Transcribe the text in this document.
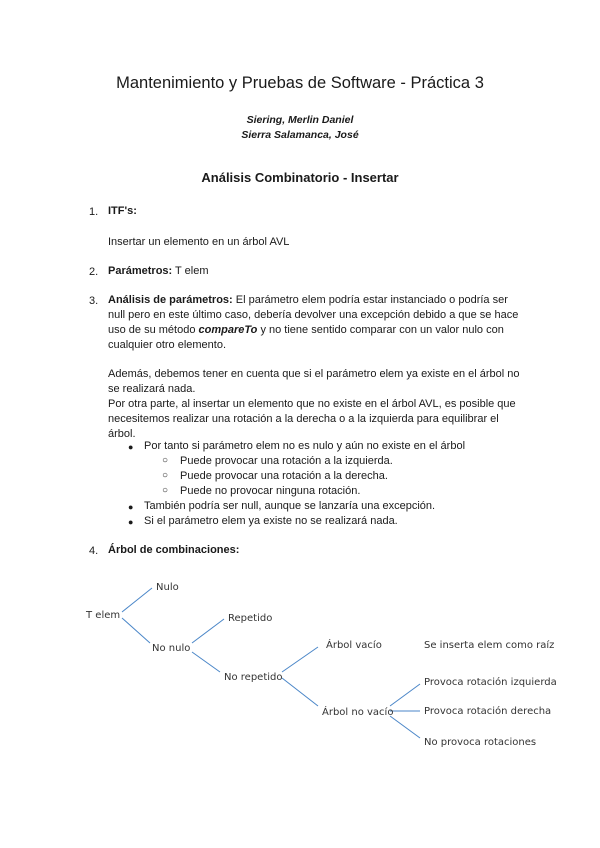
Mantenimiento y Pruebas de Software - Práctica 3
Siering, Merlin Daniel
Sierra Salamanca, José
Análisis Combinatorio - Insertar
1. ITF's:
Insertar un elemento en un árbol AVL
2. Parámetros: T elem
3. Análisis de parámetros: El parámetro elem podría estar instanciado o podría ser
null pero en este último caso, debería devolver una excepción debido a que se hace
uso de su método compareTo y no tiene sentido comparar con un valor nulo con
cualquier otro elemento.
Además, debemos tener en cuenta que si el parámetro elem ya existe en el árbol no
se realizará nada.
Por otra parte, al insertar un elemento que no existe en el árbol AVL, es posible que
necesitemos realizar una rotación a la derecha o a la izquierda para equilibrar el
árbol.
● Por tanto si parámetro elem no es nulo y aún no existe en el árbol
○ Puede provocar una rotación a la izquierda.
○ Puede provocar una rotación a la derecha.
○ Puede no provocar ninguna rotación.
● También podría ser null, aunque se lanzaría una excepción.
● Si el parámetro elem ya existe no se realizará nada.
4. Árbol de combinaciones:
T elem
Nulo
No nulo
Repetido
No repetido
Árbol vacío	Se inserta elem como raíz
Árbol no vacío
Provoca rotación izquierda
Provoca rotación derecha
No provoca rotaciones
